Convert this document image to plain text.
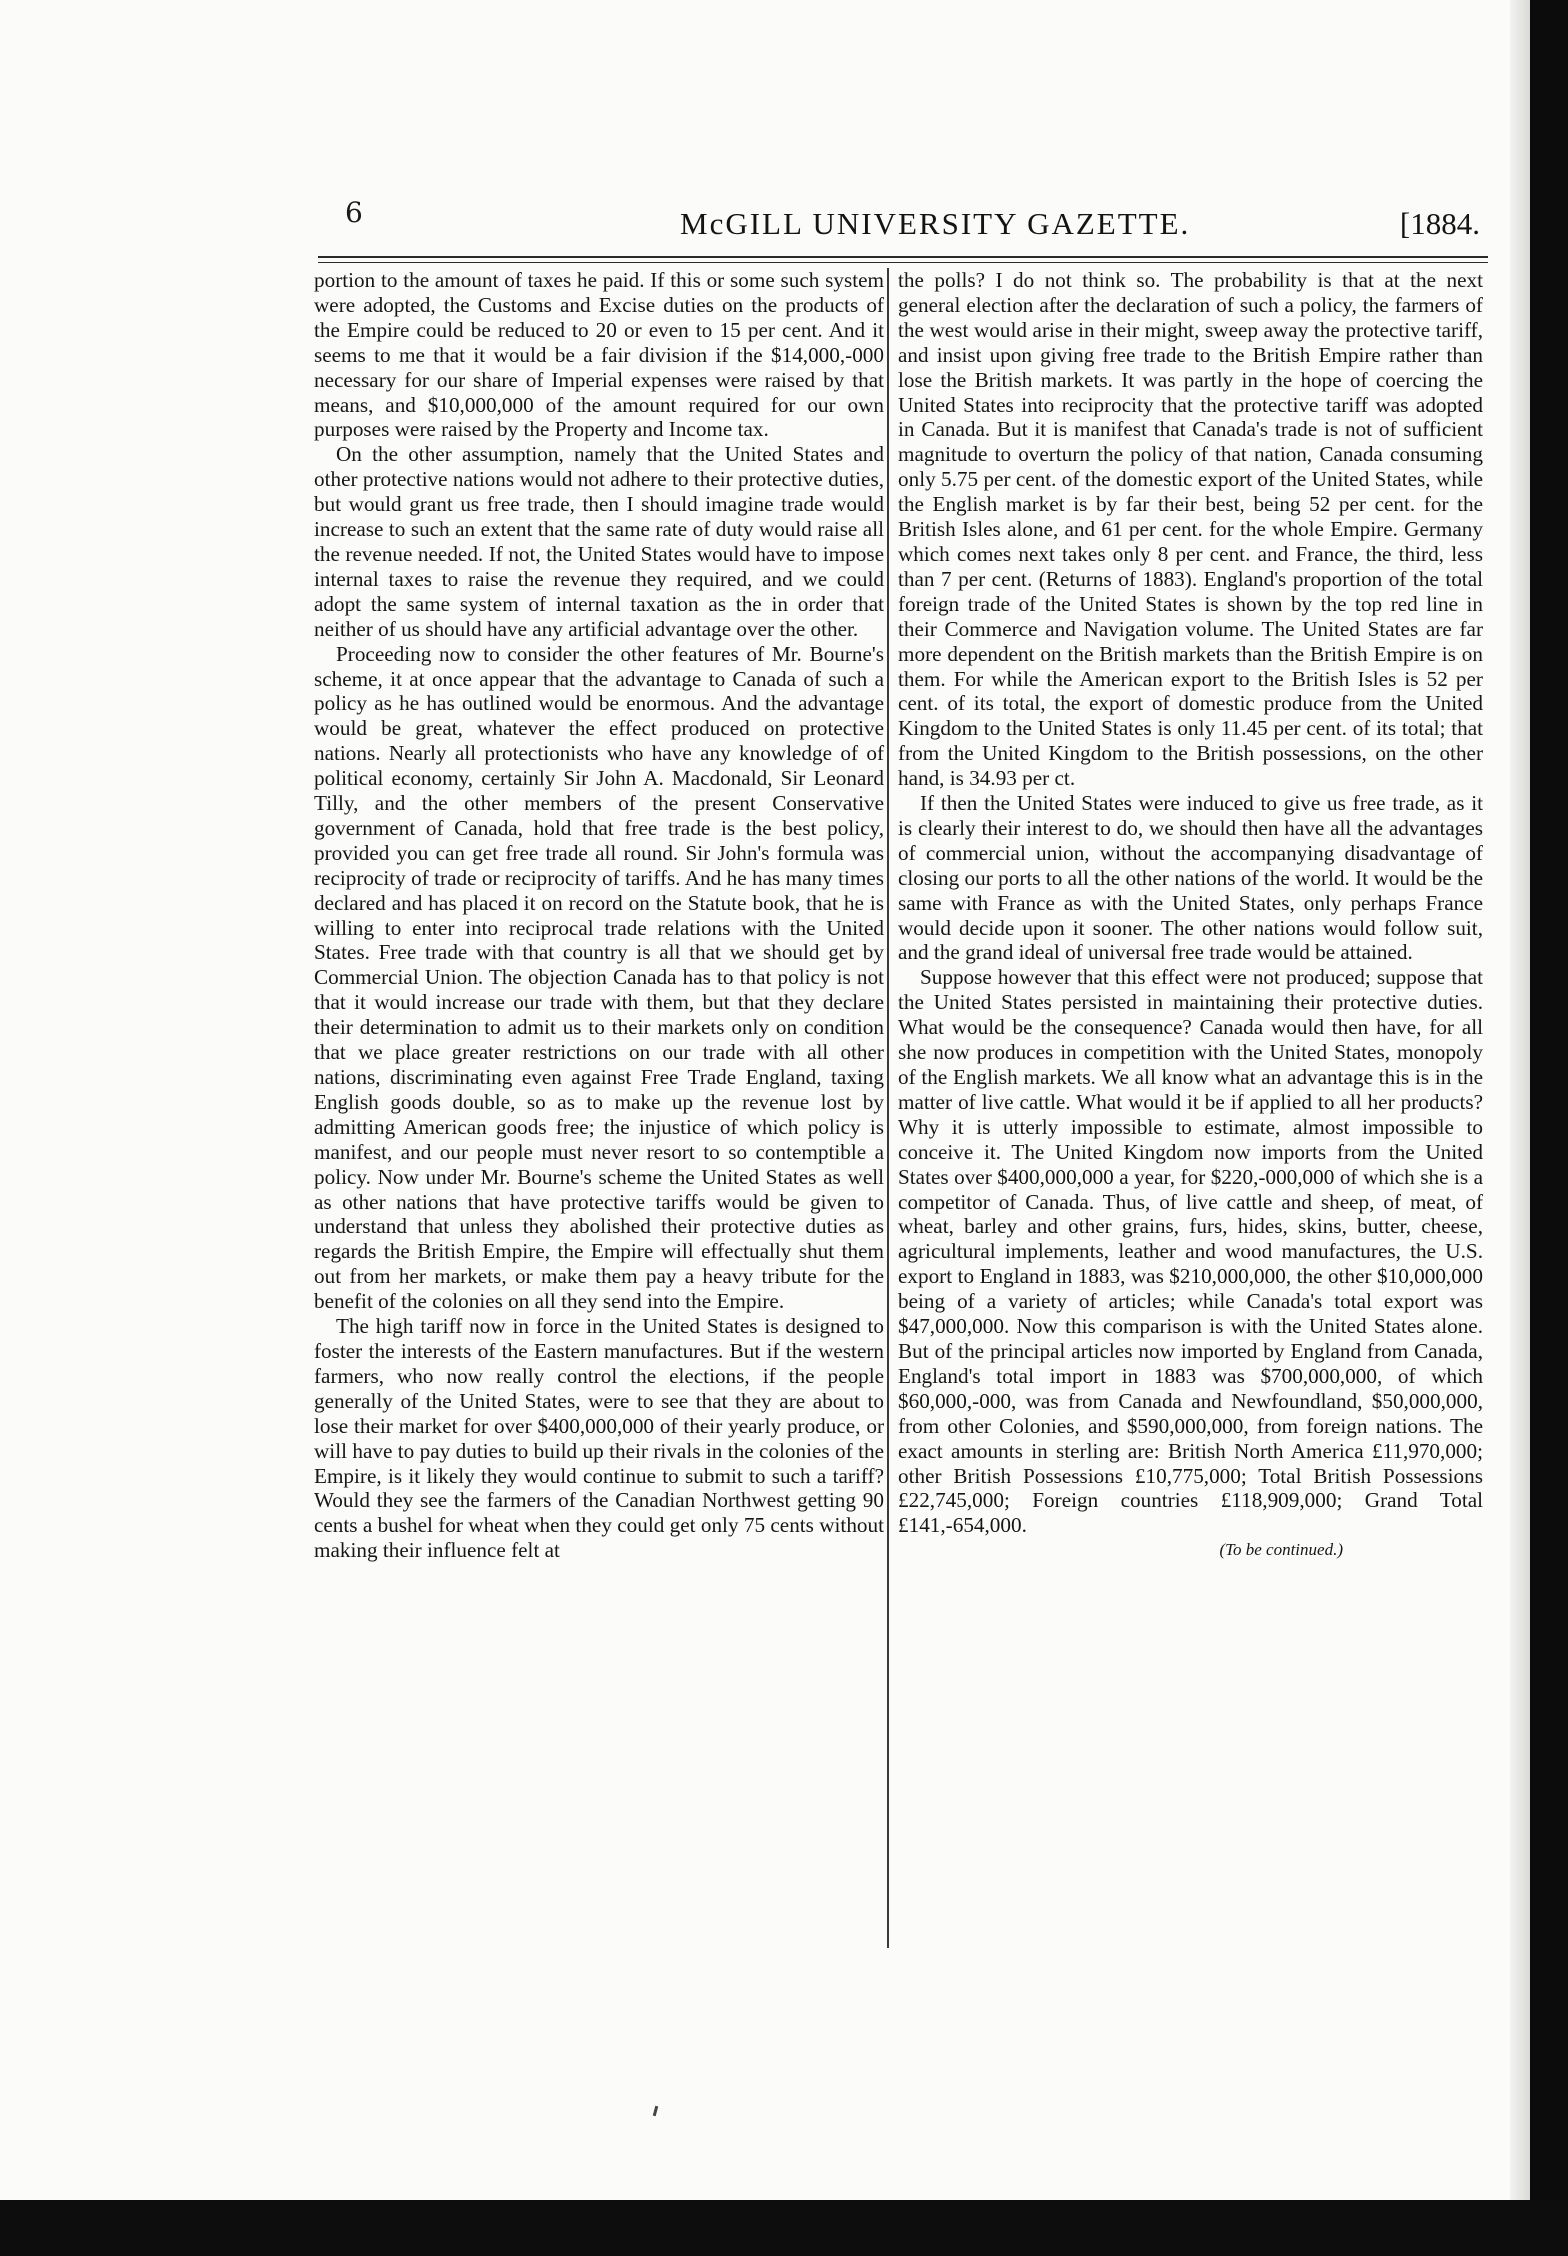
6	McGILL UNIVERSITY GAZETTE.	[1884.

portion to the amount of taxes he paid. If this or some such system were adopted, the Customs and Excise duties on the products of the Empire could be reduced to 20 or even to 15 per cent. And it seems to me that it would be a fair division if the $14,000,-000 necessary for our share of Imperial expenses were raised by that means, and $10,000,000 of the amount required for our own purposes were raised by the Property and Income tax.

On the other assumption, namely that the United States and other protective nations would not adhere to their protective duties, but would grant us free trade, then I should imagine trade would increase to such an extent that the same rate of duty would raise all the revenue needed. If not, the United States would have to impose internal taxes to raise the revenue they required, and we could adopt the same system of internal taxation as the in order that neither of us should have any artificial advantage over the other.

Proceeding now to consider the other features of Mr. Bourne's scheme, it at once appear that the advantage to Canada of such a policy as he has outlined would be enormous. And the advantage would be great, whatever the effect produced on protective nations. Nearly all protectionists who have any knowledge of of political economy, certainly Sir John A. Macdonald, Sir Leonard Tilly, and the other members of the present Conservative government of Canada, hold that free trade is the best policy, provided you can get free trade all round. Sir John's formula was reciprocity of trade or reciprocity of tariffs. And he has many times declared and has placed it on record on the Statute book, that he is willing to enter into reciprocal trade relations with the United States. Free trade with that country is all that we should get by Commercial Union. The objection Canada has to that policy is not that it would increase our trade with them, but that they declare their determination to admit us to their markets only on condition that we place greater restrictions on our trade with all other nations, discriminating even against Free Trade England, taxing English goods double, so as to make up the revenue lost by admitting American goods free; the injustice of which policy is manifest, and our people must never resort to so contemptible a policy. Now under Mr. Bourne's scheme the United States as well as other nations that have protective tariffs would be given to understand that unless they abolished their protective duties as regards the British Empire, the Empire will effectually shut them out from her markets, or make them pay a heavy tribute for the benefit of the colonies on all they send into the Empire.

The high tariff now in force in the United States is designed to foster the interests of the Eastern manufactures. But if the western farmers, who now really control the elections, if the people generally of the United States, were to see that they are about to lose their market for over $400,000,000 of their yearly produce, or will have to pay duties to build up their rivals in the colonies of the Empire, is it likely they would continue to submit to such a tariff? Would they see the farmers of the Canadian Northwest getting 90 cents a bushel for wheat when they could get only 75 cents without making their influence felt at

the polls? I do not think so. The probability is that at the next general election after the declaration of such a policy, the farmers of the west would arise in their might, sweep away the protective tariff, and insist upon giving free trade to the British Empire rather than lose the British markets. It was partly in the hope of coercing the United States into reciprocity that the protective tariff was adopted in Canada. But it is manifest that Canada's trade is not of sufficient magnitude to overturn the policy of that nation, Canada consuming only 5.75 per cent. of the domestic export of the United States, while the English market is by far their best, being 52 per cent. for the British Isles alone, and 61 per cent. for the whole Empire. Germany which comes next takes only 8 per cent. and France, the third, less than 7 per cent. (Returns of 1883). England's proportion of the total foreign trade of the United States is shown by the top red line in their Commerce and Navigation volume. The United States are far more dependent on the British markets than the British Empire is on them. For while the American export to the British Isles is 52 per cent. of its total, the export of domestic produce from the United Kingdom to the United States is only 11.45 per cent. of its total; that from the United Kingdom to the British possessions, on the other hand, is 34.93 per ct.

If then the United States were induced to give us free trade, as it is clearly their interest to do, we should then have all the advantages of commercial union, without the accompanying disadvantage of closing our ports to all the other nations of the world. It would be the same with France as with the United States, only perhaps France would decide upon it sooner. The other nations would follow suit, and the grand ideal of universal free trade would be attained.

Suppose however that this effect were not produced; suppose that the United States persisted in maintaining their protective duties. What would be the consequence? Canada would then have, for all she now produces in competition with the United States, monopoly of the English markets. We all know what an advantage this is in the matter of live cattle. What would it be if applied to all her products? Why it is utterly impossible to estimate, almost impossible to conceive it. The United Kingdom now imports from the United States over $400,000,000 a year, for $220,-000,000 of which she is a competitor of Canada. Thus, of live cattle and sheep, of meat, of wheat, barley and other grains, furs, hides, skins, butter, cheese, agricultural implements, leather and wood manufactures, the U.S. export to England in 1883, was $210,000,000, the other $10,000,000 being of a variety of articles; while Canada's total export was $47,000,000. Now this comparison is with the United States alone. But of the principal articles now imported by England from Canada, England's total import in 1883 was $700,000,000, of which $60,000,-000, was from Canada and Newfoundland, $50,000,000, from other Colonies, and $590,000,000, from foreign nations. The exact amounts in sterling are: British North America £11,970,000; other British Possessions £10,775,000; Total British Possessions £22,745,000; Foreign countries £118,909,000; Grand Total £141,-654,000.

(To be continued.)
